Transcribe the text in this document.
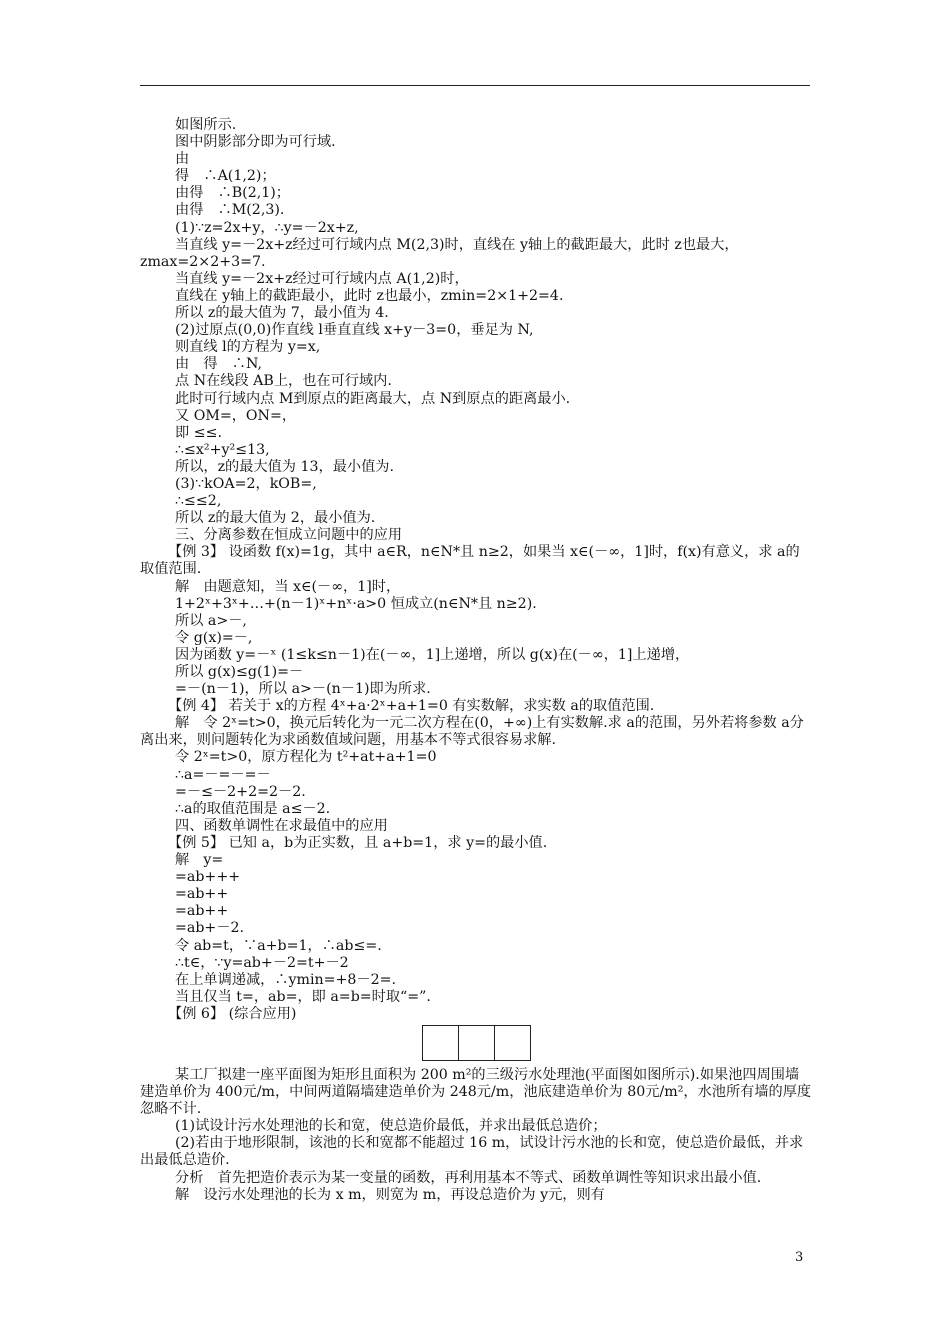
如图所示.
图中阴影部分即为可行域.
由
得　∴A(1,2)；
由得　∴B(2,1)；
由得　∴M(2,3).
(1)∵z=2x+y，∴y=－2x+z,
当直线 y=－2x+z经过可行域内点 M(2,3)时，直线在 y轴上的截距最大，此时 z也最大，zmax=2×2+3=7.
当直线 y=－2x+z经过可行域内点 A(1,2)时，
直线在 y轴上的截距最小，此时 z也最小，zmin=2×1+2=4.
所以 z的最大值为 7，最小值为 4.
(2)过原点(0,0)作直线 l垂直直线 x+y－3=0，垂足为 N,
则直线 l的方程为 y=x,
由　得　∴N,
点 N在线段 AB上，也在可行域内.
此时可行域内点 M到原点的距离最大，点 N到原点的距离最小.
又 OM=，ON=，
即 ≤≤.
∴≤x²+y²≤13,
所以，z的最大值为 13，最小值为.
(3)∵kOA=2，kOB=,
∴≤≤2,
所以 z的最大值为 2，最小值为.
三、分离参数在恒成立问题中的应用
【例 3】 设函数 f(x)=1g，其中 a∈R，n∈N*且 n≥2，如果当 x∈(－∞，1]时，f(x)有意义，求 a的取值范围.
解　由题意知，当 x∈(－∞，1]时，
1+2ˣ+3ˣ+…+(n－1)ˣ+nˣ·a>0 恒成立(n∈N*且 n≥2).
所以 a>－,
令 g(x)=－,
因为函数 y=－ˣ (1≤k≤n－1)在(－∞，1]上递增，所以 g(x)在(－∞，1]上递增，
所以 g(x)≤g(1)=－
=－(n－1)，所以 a>－(n－1)即为所求.
【例 4】 若关于 x的方程 4ˣ+a·2ˣ+a+1=0 有实数解，求实数 a的取值范围.
解　令 2ˣ=t>0，换元后转化为一元二次方程在(0，+∞)上有实数解.求 a的范围，另外若将参数 a分离出来，则问题转化为求函数值域问题，用基本不等式很容易求解.
令 2ˣ=t>0，原方程化为 t²+at+a+1=0
∴a=－=－=－
=－≤－2+2=2－2.
∴a的取值范围是 a≤－2.
四、函数单调性在求最值中的应用
【例 5】 已知 a，b为正实数，且 a+b=1，求 y=的最小值.
解　y=
=ab+++
=ab++
=ab++
=ab+－2.
令 ab=t，∵a+b=1，∴ab≤=.
∴t∈，∵y=ab+－2=t+－2
在上单调递减，∴ymin=+8－2=.
当且仅当 t=，ab=，即 a=b=时取“=”.
【例 6】 (综合应用)
某工厂拟建一座平面图为矩形且面积为 200 m²的三级污水处理池(平面图如图所示).如果池四周围墙建造单价为 400元/m，中间两道隔墙建造单价为 248元/m，池底建造单价为 80元/m²，水池所有墙的厚度忽略不计.
(1)试设计污水处理池的长和宽，使总造价最低，并求出最低总造价；
(2)若由于地形限制，该池的长和宽都不能超过 16 m，试设计污水池的长和宽，使总造价最低，并求出最低总造价.
分析　首先把造价表示为某一变量的函数，再利用基本不等式、函数单调性等知识求出最小值.
解　设污水处理池的长为 x m，则宽为 m，再设总造价为 y元，则有
3
